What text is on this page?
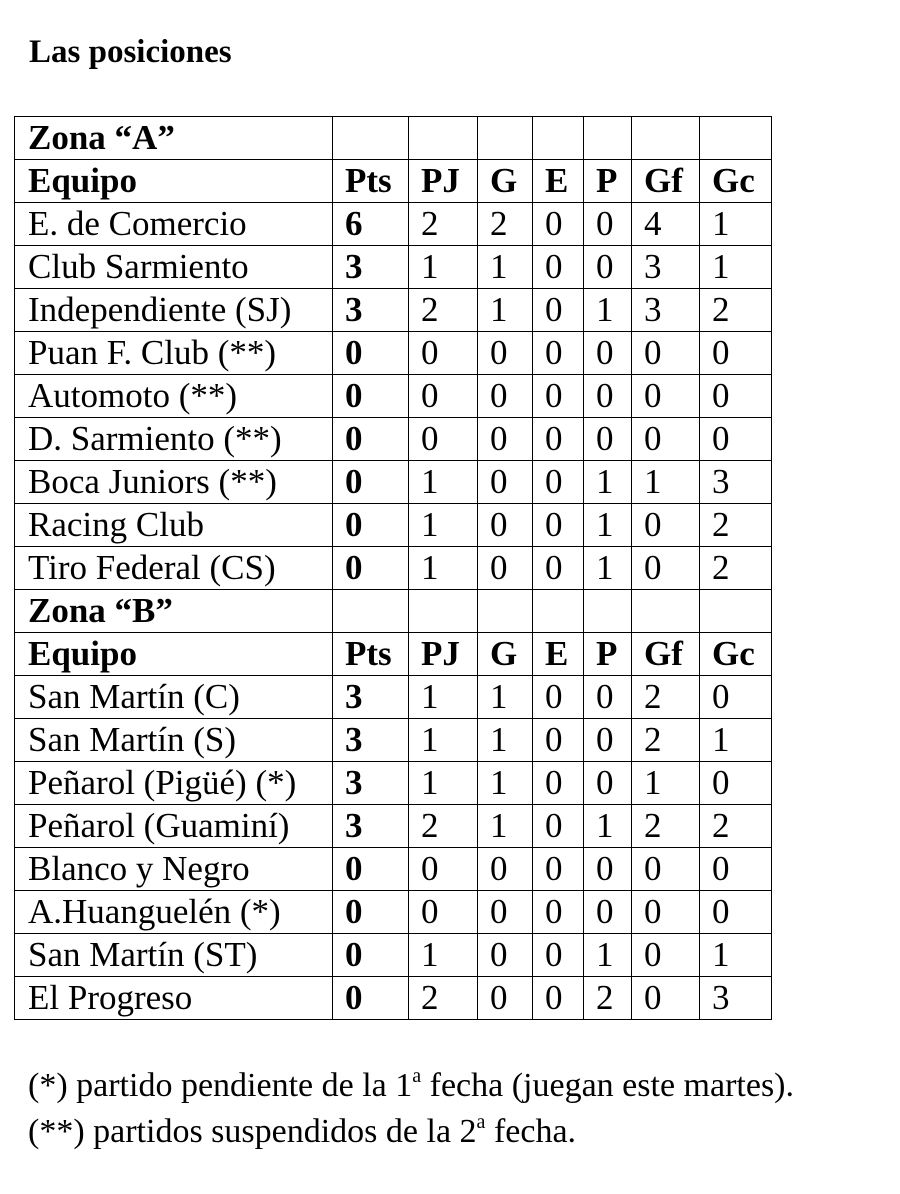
Las posiciones
Zona “A”							
Equipo	Pts	PJ	G	E	P	Gf	Gc
E. de Comercio	6	2	2	0	0	4	1
Club Sarmiento	3	1	1	0	0	3	1
Independiente (SJ)	3	2	1	0	1	3	2
Puan F. Club (**)	0	0	0	0	0	0	0
Automoto (**)	0	0	0	0	0	0	0
D. Sarmiento (**)	0	0	0	0	0	0	0
Boca Juniors (**)	0	1	0	0	1	1	3
Racing Club	0	1	0	0	1	0	2
Tiro Federal (CS)	0	1	0	0	1	0	2
Zona “B”							
Equipo	Pts	PJ	G	E	P	Gf	Gc
San Martín (C)	3	1	1	0	0	2	0
San Martín (S)	3	1	1	0	0	2	1
Peñarol (Pigüé) (*)	3	1	1	0	0	1	0
Peñarol (Guaminí)	3	2	1	0	1	2	2
Blanco y Negro	0	0	0	0	0	0	0
A.Huanguelén (*)	0	0	0	0	0	0	0
San Martín (ST)	0	1	0	0	1	0	1
El Progreso	0	2	0	0	2	0	3
(*) partido pendiente de la 1$^a$ fecha (juegan este martes).
(**) partidos suspendidos de la 2$^a$ fecha.
